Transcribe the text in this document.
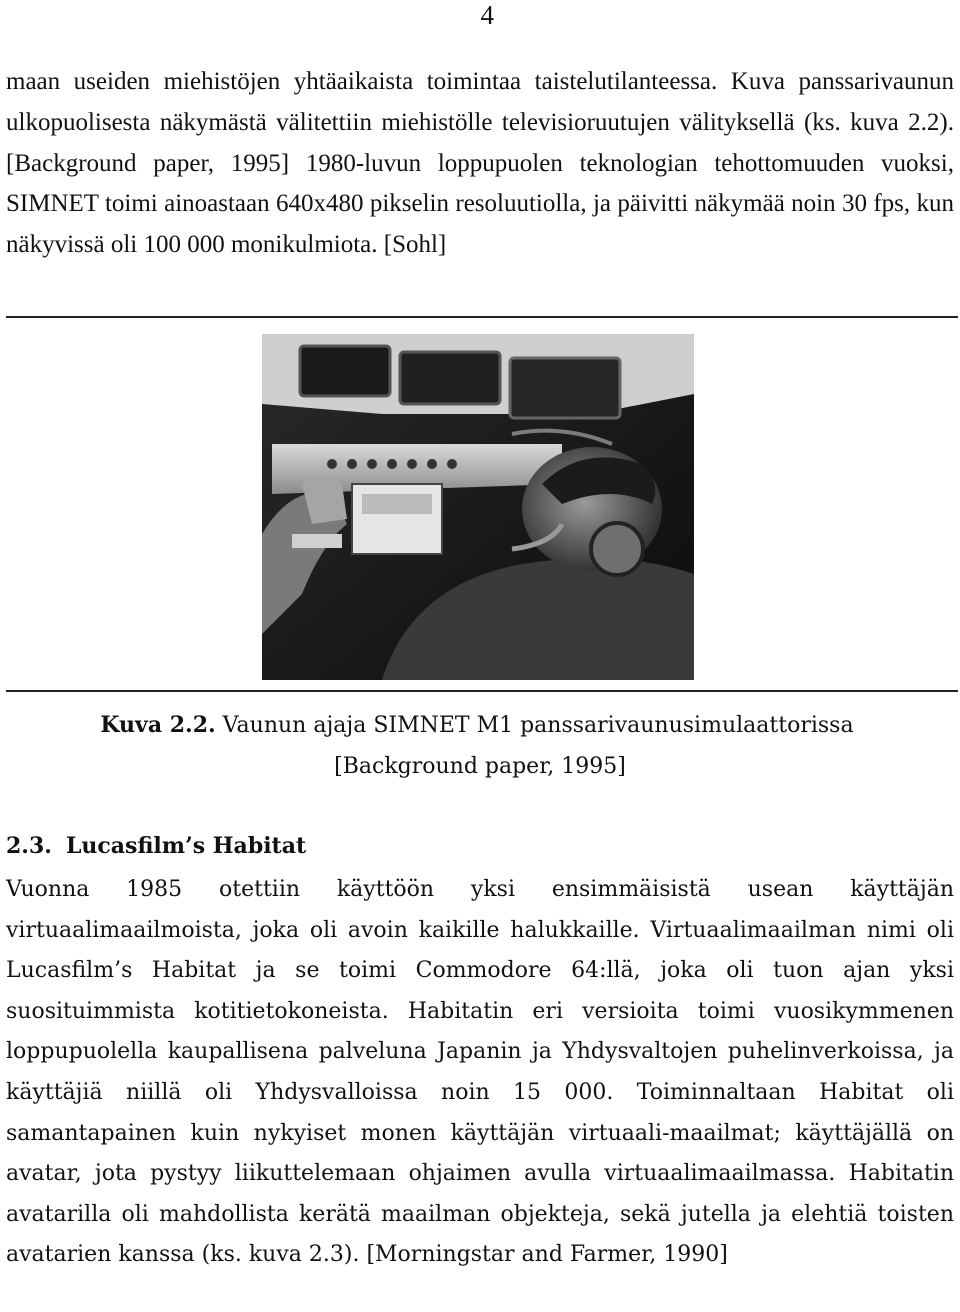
4

maan useiden miehistöjen yhtäaikaista toimintaa taistelutilanteessa. Kuva panssarivaunun ulkopuolisesta näkymästä välitettiin miehistölle televisioruutujen välityksellä (ks. kuva 2.2). [Background paper, 1995] 1980-luvun loppupuolen teknologian tehottomuuden vuoksi, SIMNET toimi ainoastaan 640x480 pikselin resoluutiolla, ja päivitti näkymää noin 30 fps, kun näkyvissä oli 100 000 monikulmiota. [Sohl]

Kuva 2.2. Vaunun ajaja SIMNET M1 panssarivaunusimulaattorissa
[Background paper, 1995]
2.3. Lucasfilm’s Habitat

Vuonna 1985 otettiin käyttöön yksi ensimmäisistä usean käyttäjän virtuaalimaailmoista, joka oli avoin kaikille halukkaille. Virtuaalimaailman nimi oli Lucasfilm’s Habitat ja se toimi Commodore 64:llä, joka oli tuon ajan yksi suosituimmista kotitietokoneista. Habitatin eri versioita toimi vuosikymmenen loppupuolella kaupallisena palveluna Japanin ja Yhdysvaltojen puhelinverkoissa, ja käyttäjiä niillä oli Yhdysvalloissa noin 15 000. Toiminnaltaan Habitat oli samantapainen kuin nykyiset monen käyttäjän virtuaali-maailmat; käyttäjällä on avatar, jota pystyy liikuttelemaan ohjaimen avulla virtuaalimaailmassa. Habitatin avatarilla oli mahdollista kerätä maailman objekteja, sekä jutella ja elehtiä toisten avatarien kanssa (ks. kuva 2.3). [Morningstar and Farmer, 1990]
